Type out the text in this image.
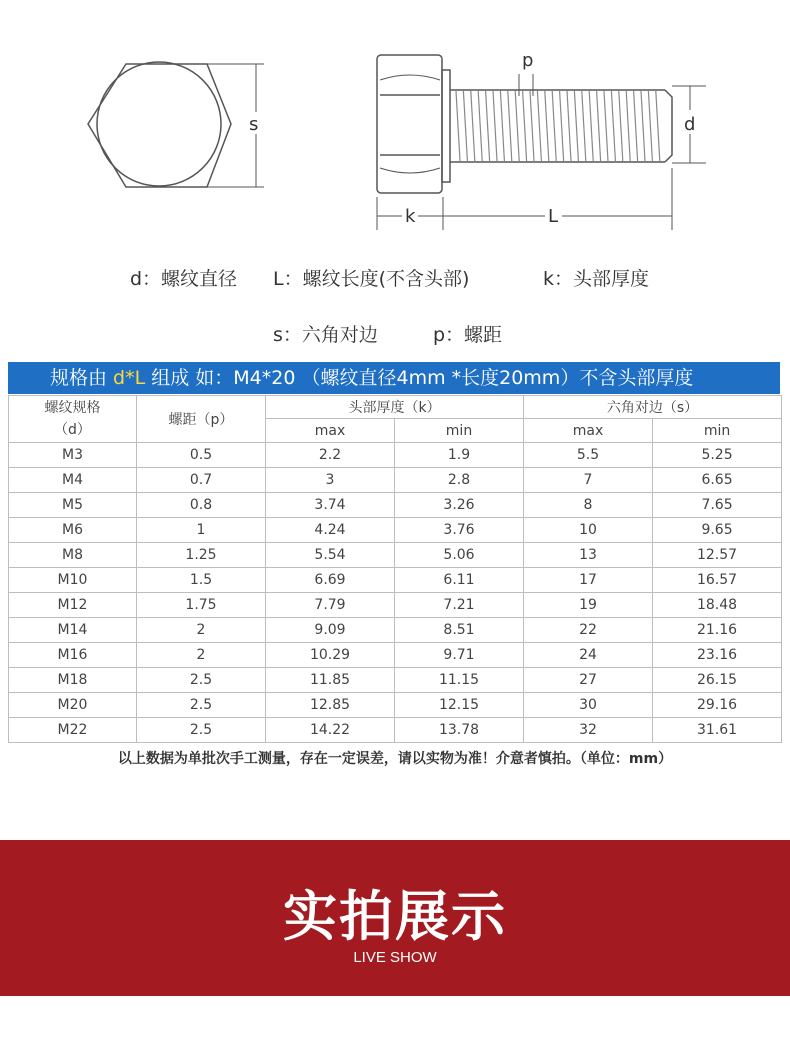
s
p
d
k	L
d：螺纹直径 L：螺纹长度(不含头部)	k：头部厚度
s：六角对边	p：螺距
规格由 d*L 组成 如：M4*20 （螺纹直径4mm *长度20mm）不含头部厚度
螺纹规格
（d）	螺距（p）	头部厚度（k）		六角对边（s）	
		max	min	max	min
M3	0.5	2.2	1.9	5.5	5.25
M4	0.7	3	2.8	7	6.65
M5	0.8	3.74	3.26	8	7.65
M6	1	4.24	3.76	10	9.65
M8	1.25	5.54	5.06	13	12.57
M10	1.5	6.69	6.11	17	16.57
M12	1.75	7.79	7.21	19	18.48
M14	2	9.09	8.51	22	21.16
M16	2	10.29	9.71	24	23.16
M18	2.5	11.85	11.15	27	26.15
M20	2.5	12.85	12.15	30	29.16
M22	2.5	14.22	13.78	32	31.61
以上数据为单批次手工测量，存在一定误差，请以实物为准！介意者慎拍。（单位：mm）
实拍展示
LIVE SHOW
